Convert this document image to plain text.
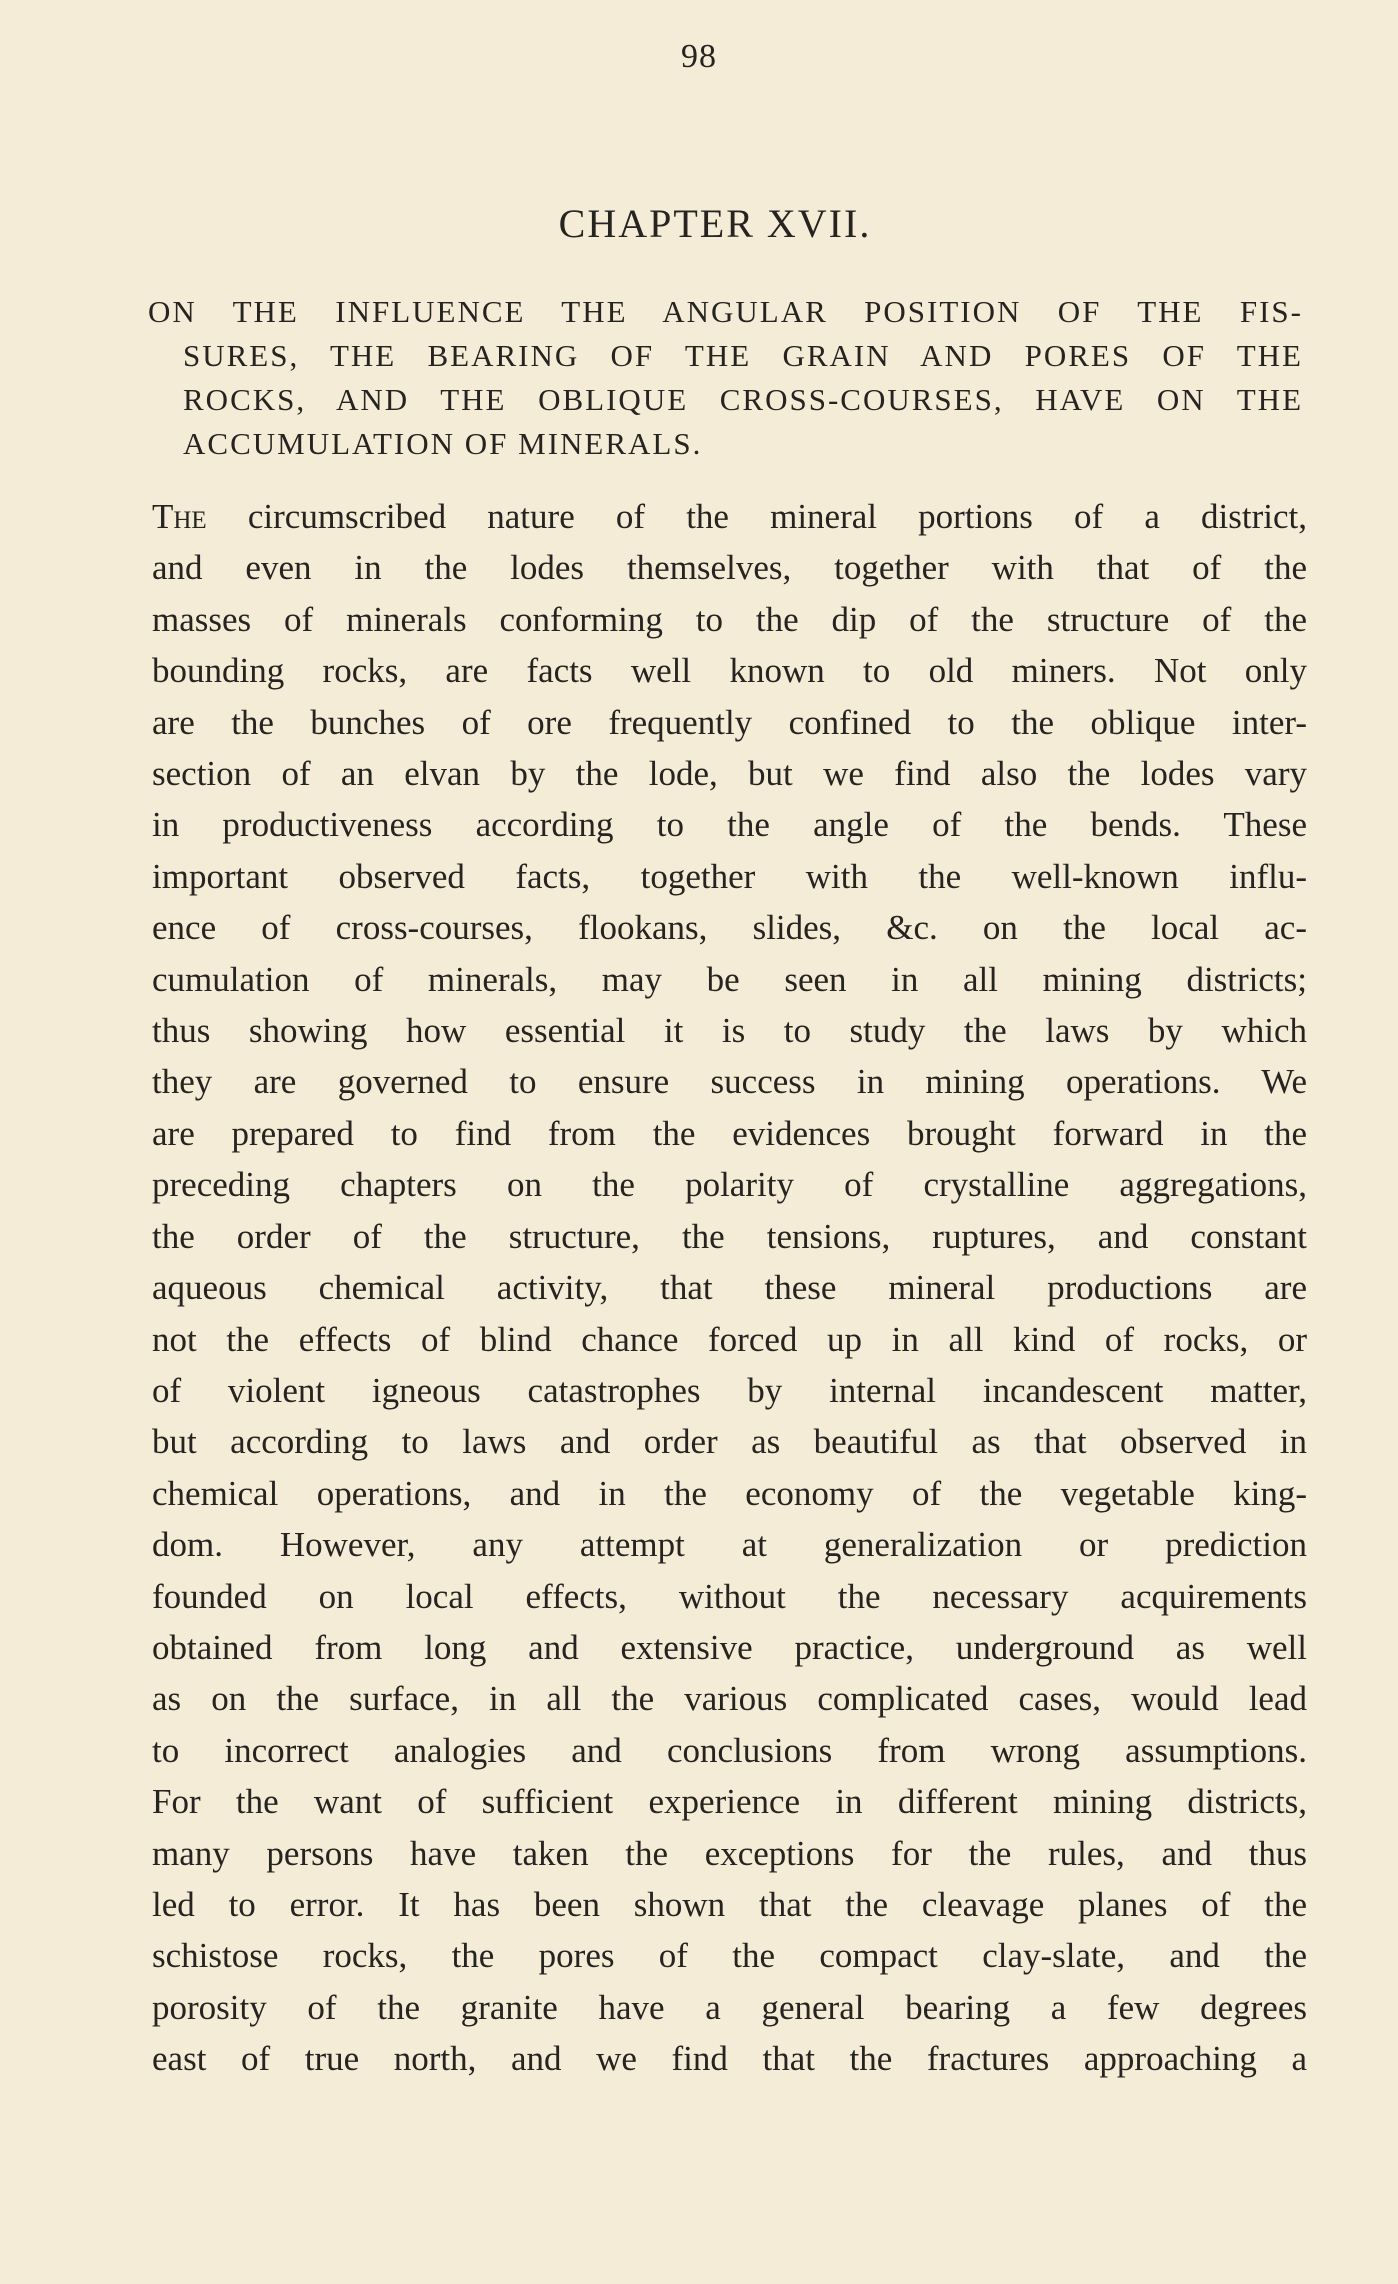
98
CHAPTER XVII.
ON THE INFLUENCE THE ANGULAR POSITION OF THE FIS-
SURES, THE BEARING OF THE GRAIN AND PORES OF THE
ROCKS, AND THE OBLIQUE CROSS-COURSES, HAVE ON THE
ACCUMULATION OF MINERALS.
The circumscribed nature of the mineral portions of a district,
and even in the lodes themselves, together with that of the
masses of minerals conforming to the dip of the structure of the
bounding rocks, are facts well known to old miners. Not only
are the bunches of ore frequently confined to the oblique inter-
section of an elvan by the lode, but we find also the lodes vary
in productiveness according to the angle of the bends. These
important observed facts, together with the well-known influ-
ence of cross-courses, flookans, slides, &c. on the local ac-
cumulation of minerals, may be seen in all mining districts;
thus showing how essential it is to study the laws by which
they are governed to ensure success in mining operations. We
are prepared to find from the evidences brought forward in the
preceding chapters on the polarity of crystalline aggregations,
the order of the structure, the tensions, ruptures, and constant
aqueous chemical activity, that these mineral productions are
not the effects of blind chance forced up in all kind of rocks, or
of violent igneous catastrophes by internal incandescent matter,
but according to laws and order as beautiful as that observed in
chemical operations, and in the economy of the vegetable king-
dom. However, any attempt at generalization or prediction
founded on local effects, without the necessary acquirements
obtained from long and extensive practice, underground as well
as on the surface, in all the various complicated cases, would lead
to incorrect analogies and conclusions from wrong assumptions.
For the want of sufficient experience in different mining districts,
many persons have taken the exceptions for the rules, and thus
led to error. It has been shown that the cleavage planes of the
schistose rocks, the pores of the compact clay-slate, and the
porosity of the granite have a general bearing a few degrees
east of true north, and we find that the fractures approaching a
